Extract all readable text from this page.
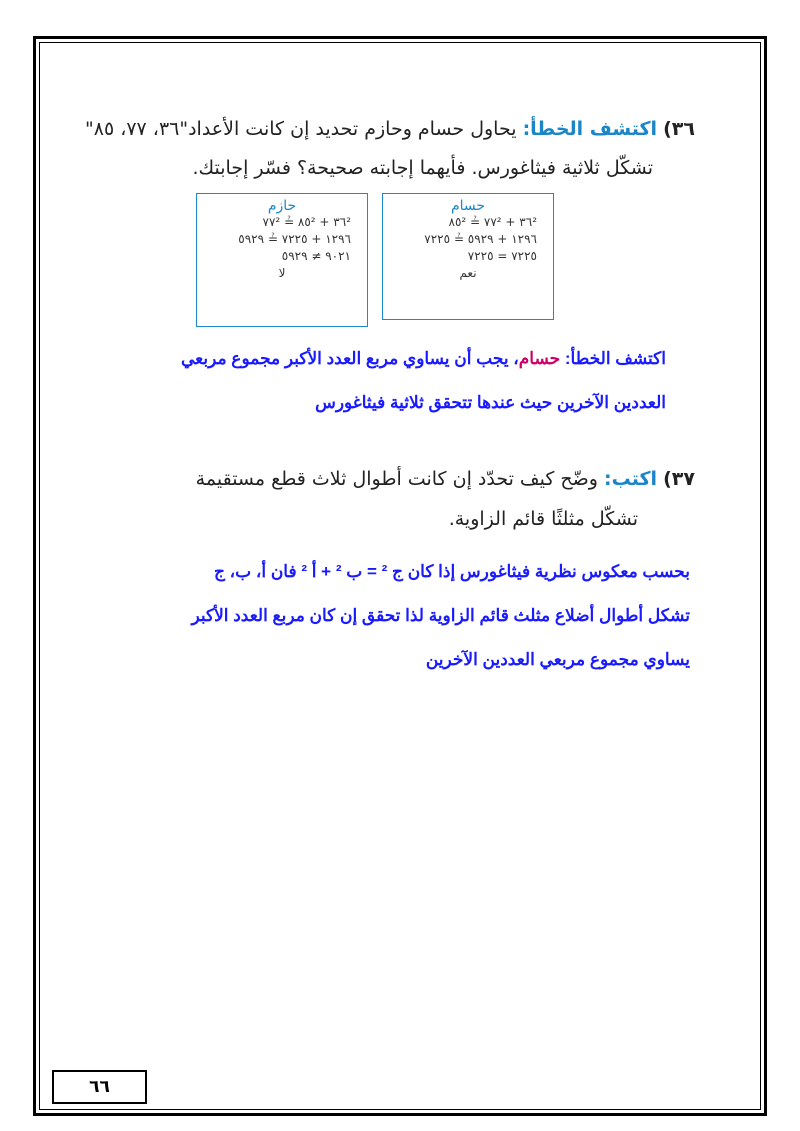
٣٦) اكتشف الخطأ: يحاول حسام وحازم تحديد إن كانت الأعداد"٣٦، ٧٧، ٨٥"
تشكّل ثلاثية فيثاغورس. فأيهما إجابته صحيحة؟ فسّر إجابتك.
حسام
٣٦² + ٧٧² ≟ ٨٥²
١٢٩٦ + ٥٩٢٩ ≟ ٧٢٢٥
٧٢٢٥ = ٧٢٢٥
نعم
حازم
٣٦² + ٨٥² ≟ ٧٧²
١٢٩٦ + ٧٢٢٥ ≟ ٥٩٢٩
٩٠٢١ ≠ ٥٩٢٩
لا
اكتشف الخطأ: حسام، يجب أن يساوي مربع العدد الأكبر مجموع مربعي
العددين الآخرين حيث عندها تتحقق ثلاثية فيثاغورس
٣٧) اكتب: وضّح كيف تحدّد إن كانت أطوال ثلاث قطع مستقيمة
تشكّل مثلثًا قائم الزاوية.
بحسب معكوس نظرية فيثاغورس إذا كان ج ² = ب ² + أ ² فان أ، ب، ج
تشكل أطوال أضلاع مثلث قائم الزاوية لذا تحقق إن كان مربع العدد الأكبر
يساوي مجموع مربعي العددين الآخرين
٦٦
